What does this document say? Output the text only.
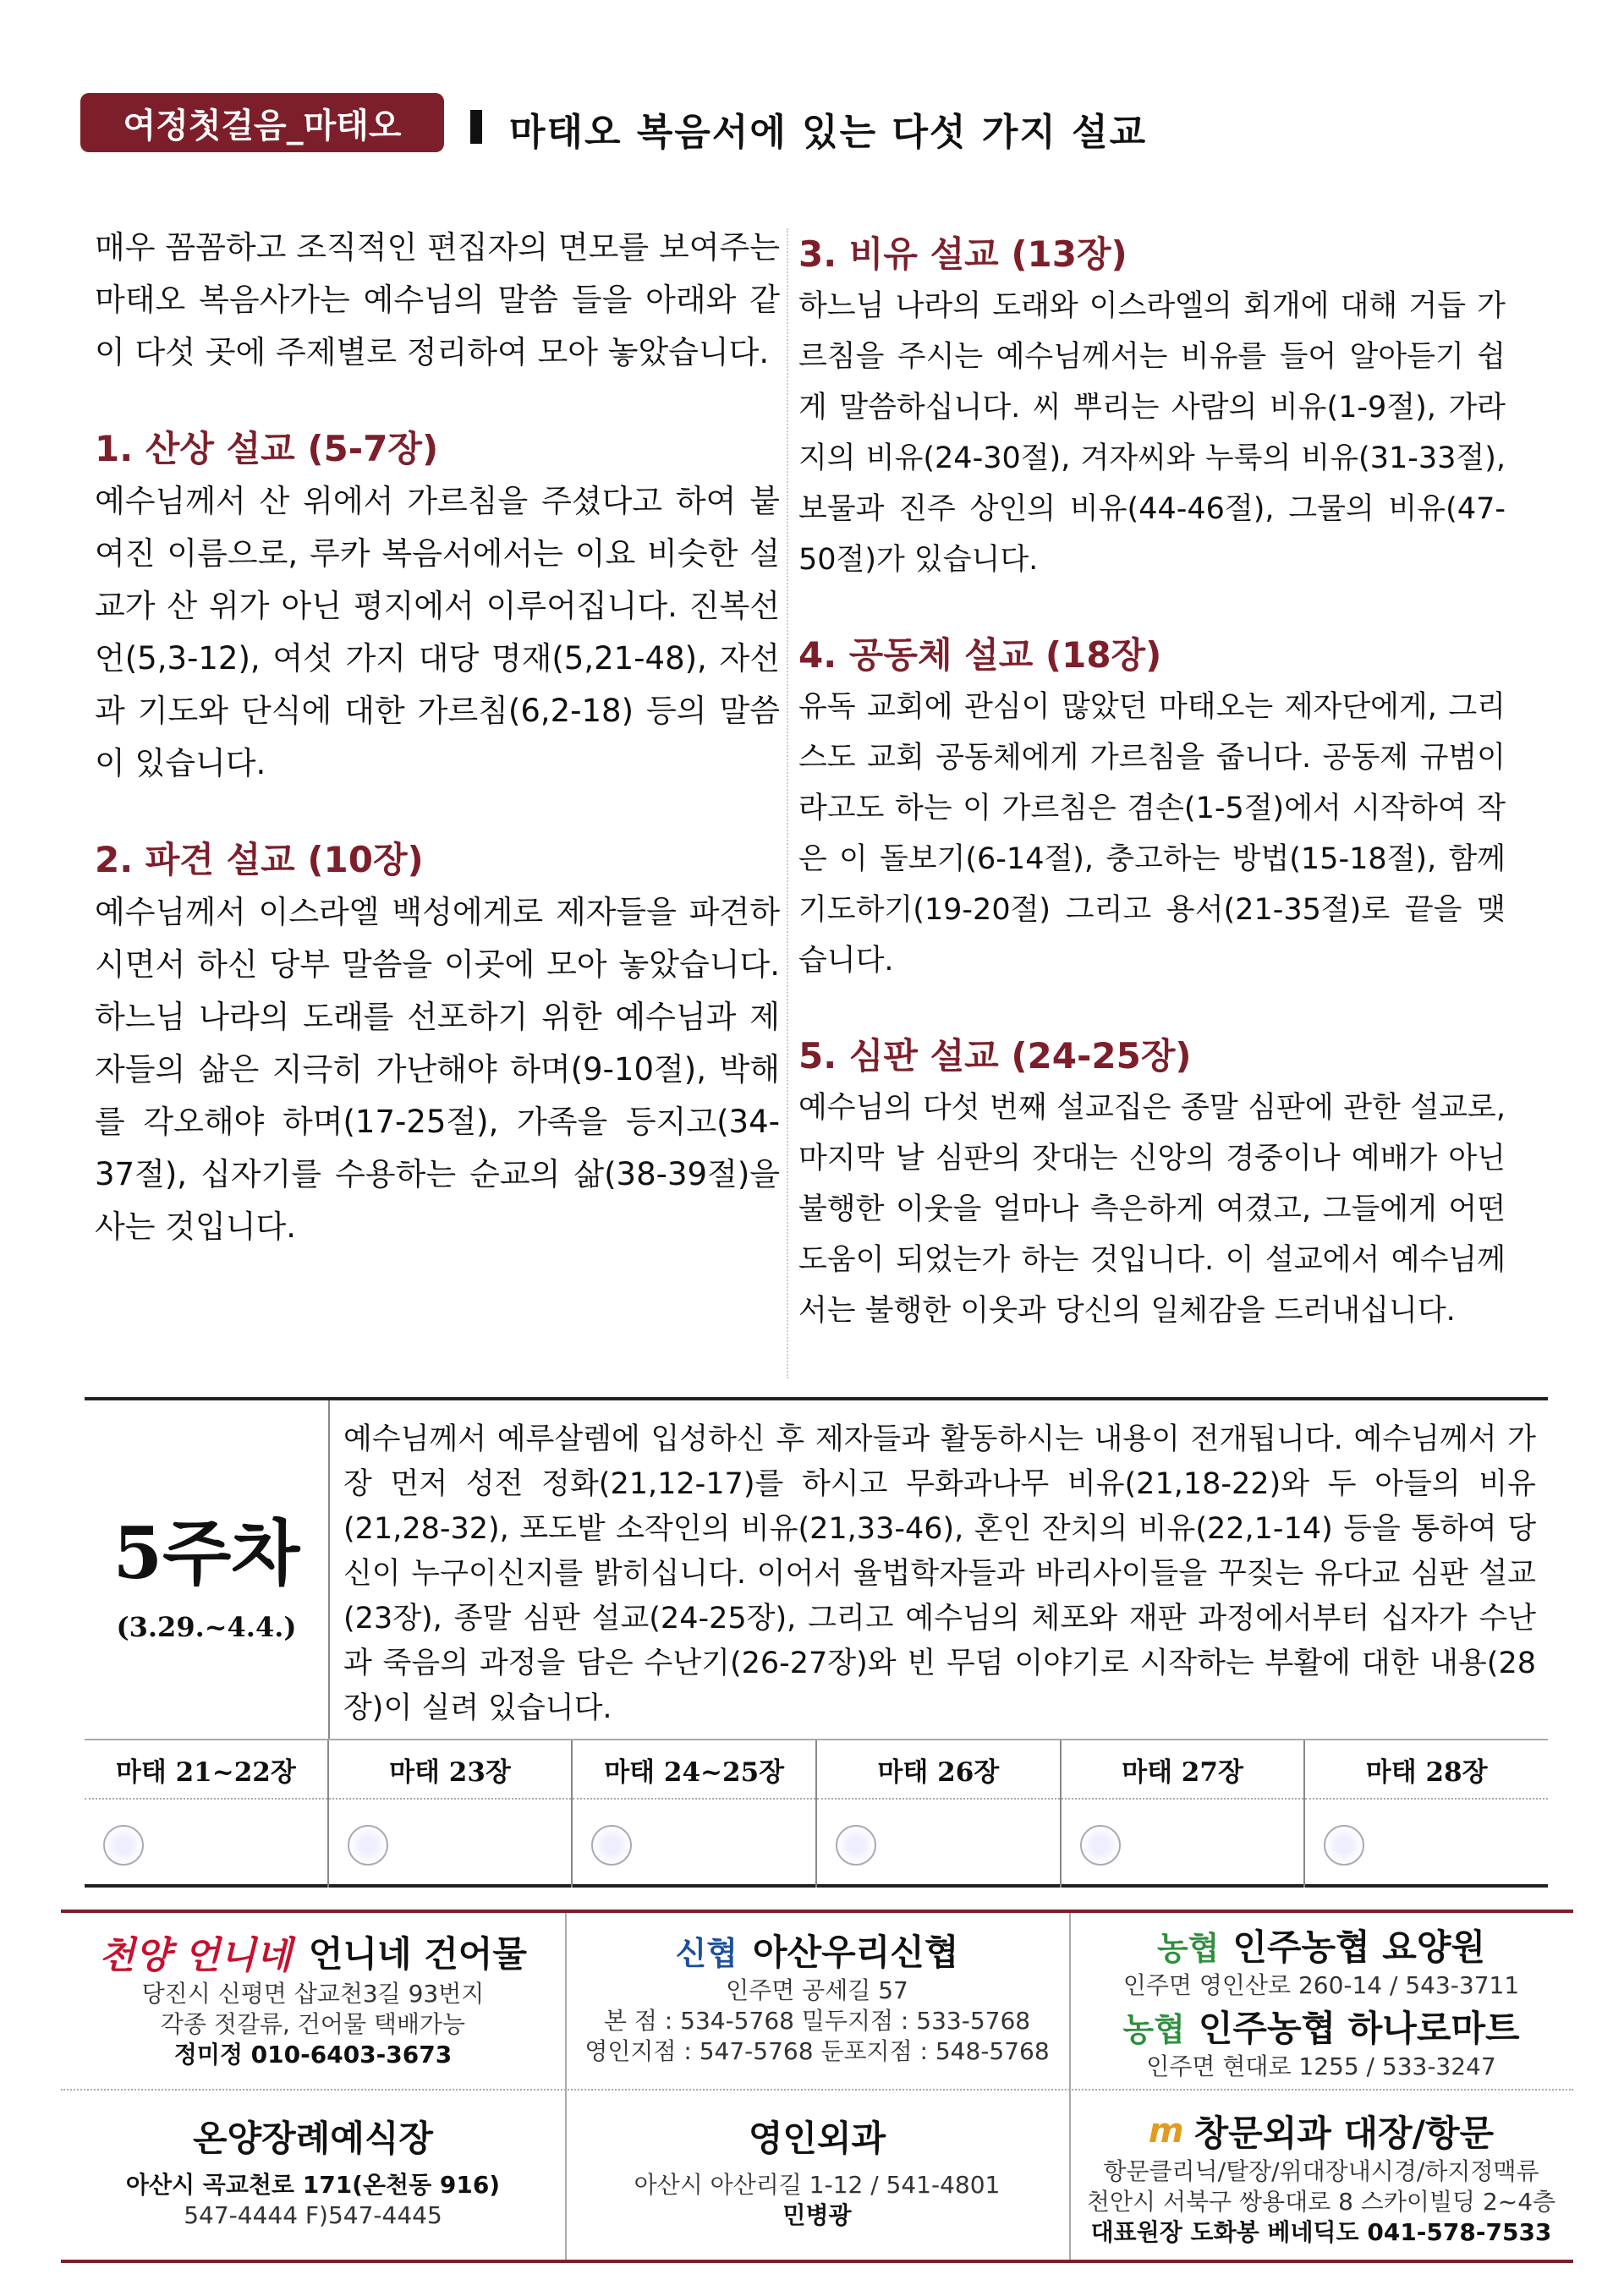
여정첫걸음_마태오	마태오 복음서에 있는 다섯 가지 설교

매우 꼼꼼하고 조직적인 편집자의 면모를 보여주는 마태오 복음사가는 예수님의 말씀 들을 아래와 같이 다섯 곳에 주제별로 정리하여 모아 놓았습니다.

1. 산상 설교 (5-7장)

예수님께서 산 위에서 가르침을 주셨다고 하여 붙여진 이름으로, 루카 복음서에서는 이요 비슷한 설교가 산 위가 아닌 평지에서 이루어집니다. 진복선언(5,3-12), 여섯 가지 대당 명재(5,21-48), 자선과 기도와 단식에 대한 가르침(6,2-18) 등의 말씀이 있습니다.

2. 파견 설교 (10장)

예수님께서 이스라엘 백성에게로 제자들을 파견하시면서 하신 당부 말씀을 이곳에 모아 놓았습니다. 하느님 나라의 도래를 선포하기 위한 예수님과 제자들의 삶은 지극히 가난해야 하며(9-10절), 박해를 각오해야 하며(17-25절), 가족을 등지고(34-37절), 십자기를 수용하는 순교의 삶(38-39절)을 사는 것입니다.

3. 비유 설교 (13장)

하느님 나라의 도래와 이스라엘의 회개에 대해 거듭 가르침을 주시는 예수님께서는 비유를 들어 알아듣기 쉽게 말씀하십니다. 씨 뿌리는 사람의 비유(1-9절), 가라지의 비유(24-30절), 겨자씨와 누룩의 비유(31-33절), 보물과 진주 상인의 비유(44-46절), 그물의 비유(47-50절)가 있습니다.

4. 공동체 설교 (18장)

유독 교회에 관심이 많았던 마태오는 제자단에게, 그리스도 교회 공동체에게 가르침을 줍니다. 공동제 규범이라고도 하는 이 가르침은 겸손(1-5절)에서 시작하여 작은 이 돌보기(6-14절), 충고하는 방법(15-18절), 함께 기도하기(19-20절) 그리고 용서(21-35절)로 끝을 맺습니다.

5. 심판 설교 (24-25장)

예수님의 다섯 번째 설교집은 종말 심판에 관한 설교로, 마지막 날 심판의 잣대는 신앙의 경중이나 예배가 아닌 불행한 이웃을 얼마나 측은하게 여겼고, 그들에게 어떤 도움이 되었는가 하는 것입니다. 이 설교에서 예수님께서는 불행한 이웃과 당신의 일체감을 드러내십니다.

5주차
(3.29.~4.4.)

예수님께서 예루살렘에 입성하신 후 제자들과 활동하시는 내용이 전개됩니다. 예수님께서 가장 먼저 성전 정화(21,12-17)를 하시고 무화과나무 비유(21,18-22)와 두 아들의 비유(21,28-32), 포도밭 소작인의 비유(21,33-46), 혼인 잔치의 비유(22,1-14) 등을 통하여 당신이 누구이신지를 밝히십니다. 이어서 율법학자들과 바리사이들을 꾸짖는 유다교 심판 설교(23장), 종말 심판 설교(24-25장), 그리고 예수님의 체포와 재판 과정에서부터 십자가 수난과 죽음의 과정을 담은 수난기(26-27장)와 빈 무덤 이야기로 시작하는 부활에 대한 내용(28장)이 실려 있습니다.

마태 21~22장	마태 23장	마태 24~25장	마태 26장	마태 27장	마태 28장
천양 언니네 언니네 건어물
당진시 신평면 삽교천3길 93번지
각종 젓갈류, 건어물 택배가능
정미정 010-6403-3673
신협 아산우리신협
인주면 공세길 57
본 점 : 534-5768 밀두지점 : 533-5768
영인지점 : 547-5768 둔포지점 : 548-5768
농협 인주농협 요양원
인주면 영인산로 260-14 / 543-3711
농협 인주농협 하나로마트
인주면 현대로 1255 / 533-3247
온양장례예식장
아산시 곡교천로 171(온천동 916)
547-4444 F)547-4445
영인외과
아산시 아산리길 1-12 / 541-4801
민병광
m 창문외과 대장/항문
항문클리닉/탈장/위대장내시경/하지정맥류
천안시 서북구 쌍용대로 8 스카이빌딩 2~4층
대표원장 도화봉 베네딕도 041-578-7533
